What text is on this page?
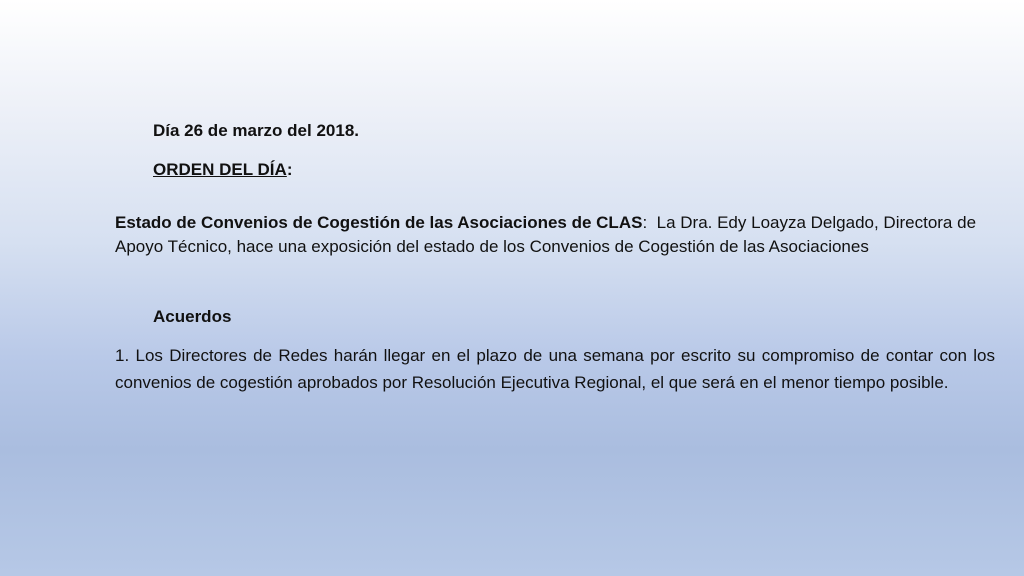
Día 26 de marzo del 2018.
ORDEN DEL DÍA:
Estado de Convenios de Cogestión de las Asociaciones de CLAS: La Dra. Edy Loayza Delgado, Directora de Apoyo Técnico, hace una exposición del estado de los Convenios de Cogestión de las Asociaciones
Acuerdos
1. Los Directores de Redes harán llegar en el plazo de una semana por escrito su compromiso de contar con los convenios de cogestión aprobados por Resolución Ejecutiva Regional, el que será en el menor tiempo posible.
